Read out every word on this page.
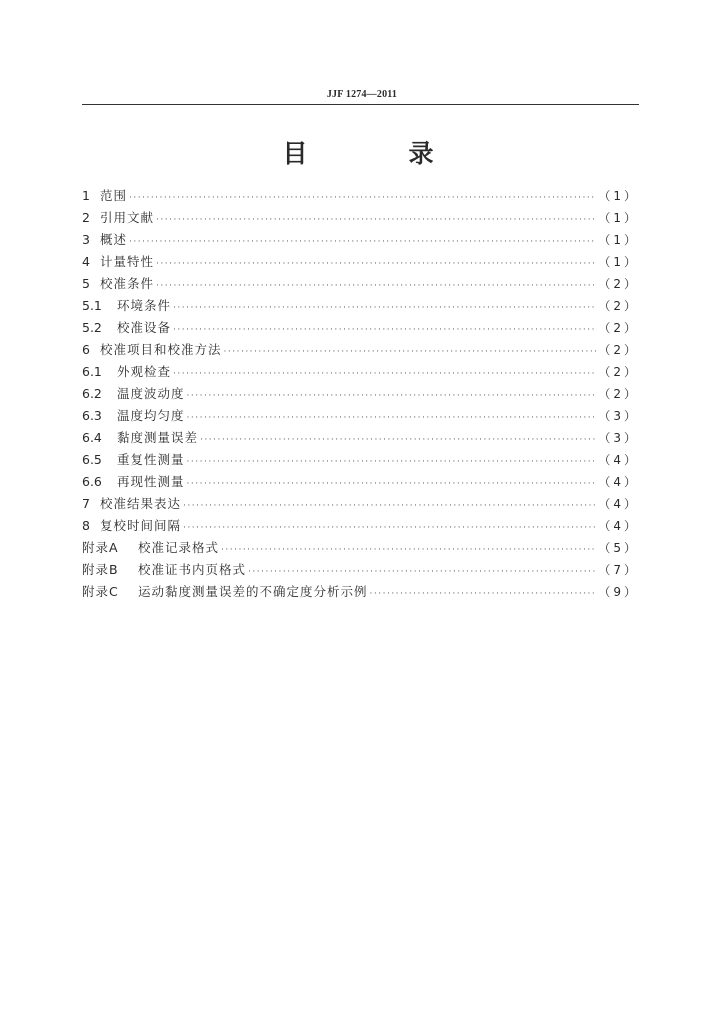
JJF 1274—2011
目　录
1 范围 ·····	（1）
2 引用文献 ·····	（1）
3 概述 ·····	（1）
4 计量特性 ·····	（1）
5 校准条件 ·····	（2）
5.1	环境条件 ·····	（2）
5.2	校准设备 ·····	（2）
6 校准项目和校准方法 ·····	（2）
6.1	外观检查 ·····	（2）
6.2	温度波动度 ·····	（2）
6.3	温度均匀度 ·····	（3）
6.4	黏度测量误差 ·····	（3）
6.5	重复性测量 ·····	（4）
6.6	再现性测量 ·····	（4）
7 校准结果表达 ·····	（4）
8 复校时间间隔 ·····	（4）
附录A	校准记录格式 ·····	（5）
附录B	校准证书内页格式 ·····	（7）
附录C	运动黏度测量误差的不确定度分析示例 ·····	（9）
